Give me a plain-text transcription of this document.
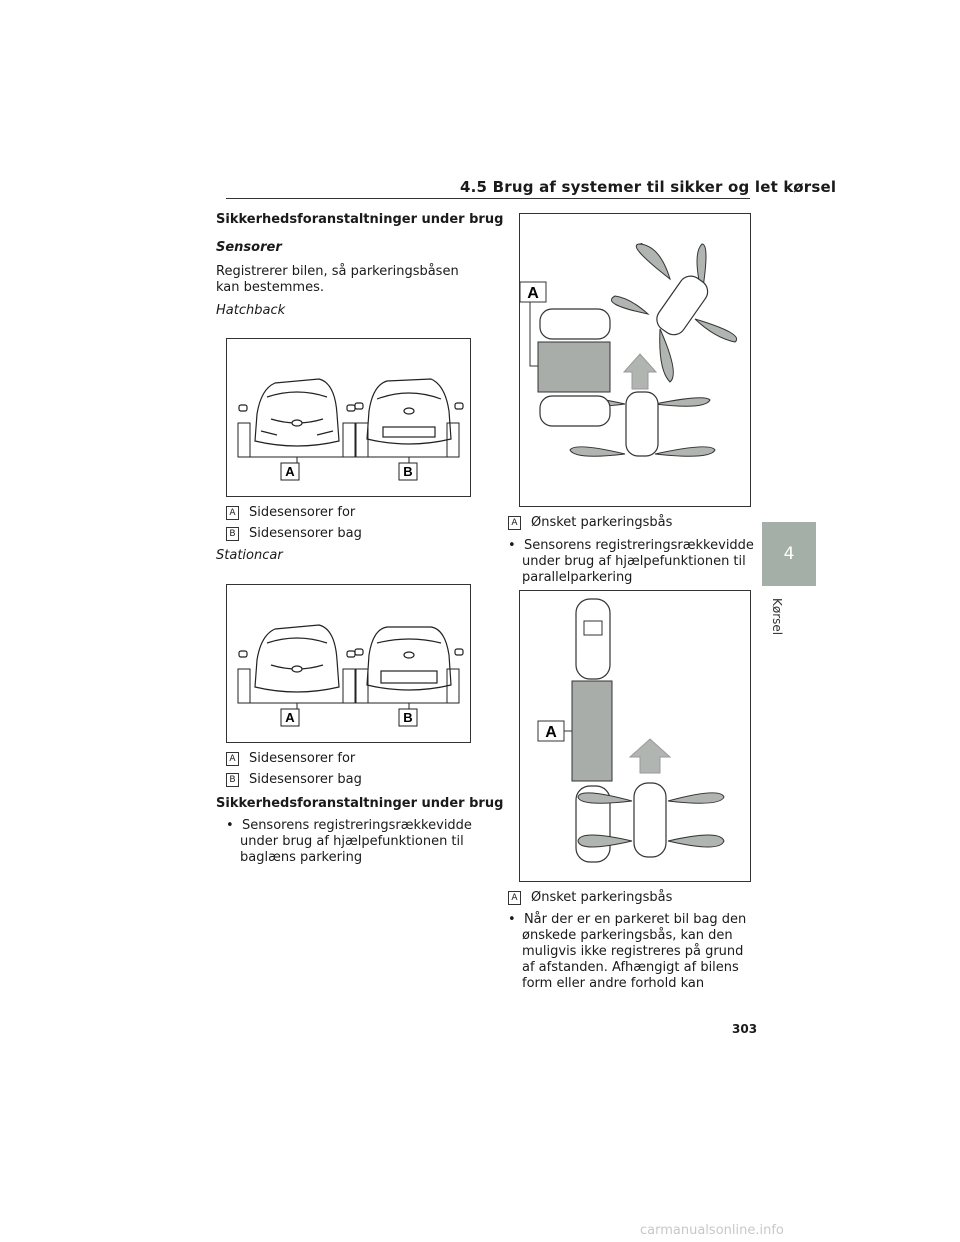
4.5 Brug af systemer til sikker og let kørsel
4
Kørsel
Sikkerhedsforanstaltninger under brug
Sensorer
Registrerer bilen, så parkeringsbåsen kan bestemmes.
Hatchback
A	B
A Sidesensorer for
B Sidesensorer bag
Stationcar
A	B
A Sidesensorer for
B Sidesensorer bag
Sikkerhedsforanstaltninger under brug
•  Sensorens registreringsrækkevidde under brug af hjælpefunktionen til baglæns parkering
A
A Ønsket parkeringsbås
•  Sensorens registreringsrækkevidde under brug af hjælpefunktionen til parallelparkering
A
A Ønsket parkeringsbås
•  Når der er en parkeret bil bag den ønskede parkeringsbås, kan den muligvis ikke registreres på grund af afstanden. Afhængigt af bilens form eller andre forhold kan
303
carmanualsonline.info
